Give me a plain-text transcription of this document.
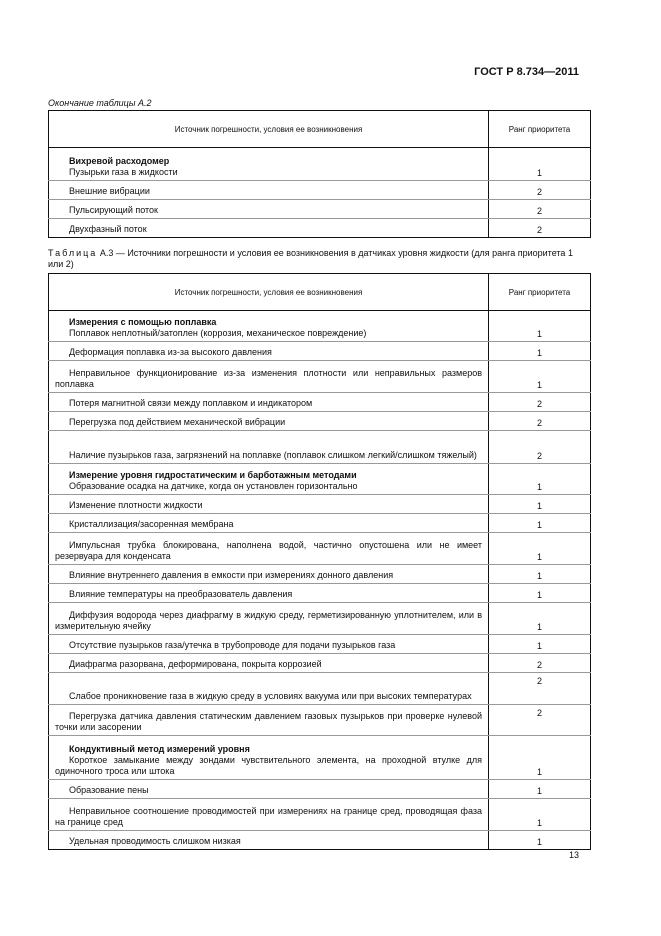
ГОСТ Р 8.734—2011
Окончание таблицы А.2
Источник погрешности, условия ее возникновения	Ранг приоритета

Вихревой расходомер
Пузырьки газа в жидкости	1

Внешние вибрации	2

Пульсирующий поток	2

Двухфазный поток	2
Таблица А.3 — Источники погрешности и условия ее возникновения в датчиках уровня жидкости (для ранга приоритета 1 или 2)
Источник погрешности, условия ее возникновения	Ранг приоритета

Измерения с помощью поплавка
Поплавок неплотный/затоплен (коррозия, механическое повреждение)	1

Деформация поплавка из-за высокого давления	1

Неправильное функционирование из-за изменения плотности или неправильных размеров поплавка	1

Потеря магнитной связи между поплавком и индикатором	2

Перегрузка под действием механической вибрации	2

Наличие пузырьков газа, загрязнений на поплавке (поплавок слишком легкий/слишком тяжелый)	2

Измерение уровня гидростатическим и барботажным методами
Образование осадка на датчике, когда он установлен горизонтально	1

Изменение плотности жидкости	1

Кристаллизация/засоренная мембрана	1

Импульсная трубка блокирована, наполнена водой, частично опустошена или не имеет резервуара для конденсата	1

Влияние внутреннего давления в емкости при измерениях донного давления	1

Влияние температуры на преобразователь давления	1

Диффузия водорода через диафрагму в жидкую среду, герметизированную уплотнителем, или в измерительную ячейку	1

Отсутствие пузырьков газа/утечка в трубопроводе для подачи пузырьков газа	1

Диафрагма разорвана, деформирована, покрыта коррозией	2

Слабое проникновение газа в жидкую среду в условиях вакуума или при высоких температурах	2

Перегрузка датчика давления статическим давлением газовых пузырьков при проверке нулевой точки или засорении	2

Кондуктивный метод измерений уровня
Короткое замыкание между зондами чувствительного элемента, на проходной втулке для одиночного троса или штока	1

Образование пены	1

Неправильное соотношение проводимостей при измерениях на границе сред, проводящая фаза на границе сред	1

Удельная проводимость слишком низкая	1
13
